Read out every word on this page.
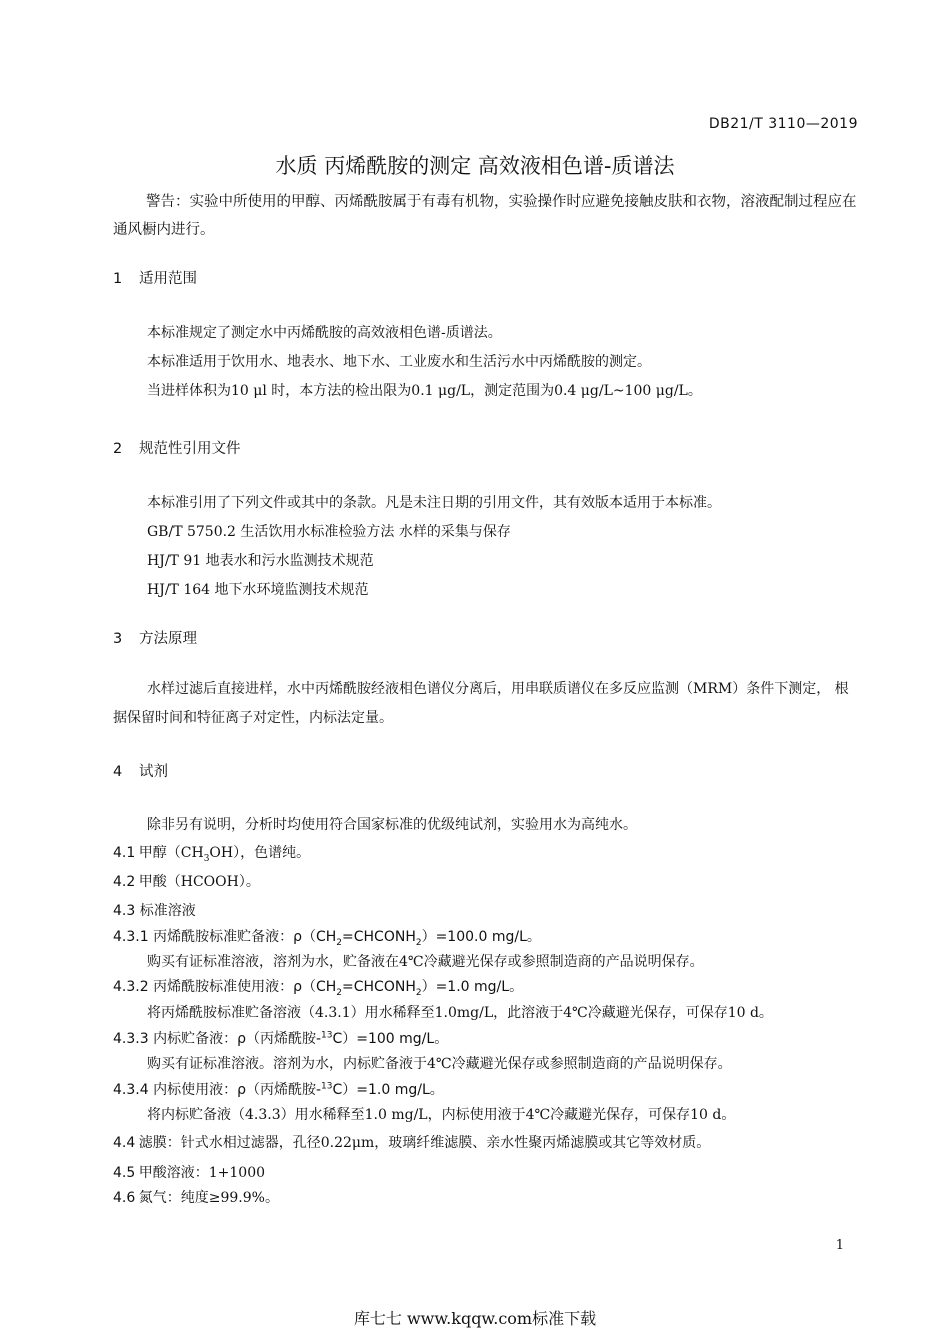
DB21/T 3110—2019
水质 丙烯酰胺的测定 高效液相色谱-质谱法
警告：实验中所使用的甲醇、丙烯酰胺属于有毒有机物，实验操作时应避免接触皮肤和衣物，溶液配制过程应在通风橱内进行。
1 适用范围
本标准规定了测定水中丙烯酰胺的高效液相色谱-质谱法。
本标准适用于饮用水、地表水、地下水、工业废水和生活污水中丙烯酰胺的测定。
当进样体积为10 μl 时，本方法的检出限为0.1 μg/L，测定范围为0.4 μg/L~100 μg/L。
2 规范性引用文件
本标准引用了下列文件或其中的条款。凡是未注日期的引用文件，其有效版本适用于本标准。
GB/T 5750.2 生活饮用水标准检验方法 水样的采集与保存
HJ/T 91 地表水和污水监测技术规范
HJ/T 164 地下水环境监测技术规范
3 方法原理
水样过滤后直接进样，水中丙烯酰胺经液相色谱仪分离后，用串联质谱仪在多反应监测（MRM）条件下测定， 根据保留时间和特征离子对定性，内标法定量。
4 试剂
除非另有说明，分析时均使用符合国家标准的优级纯试剂，实验用水为高纯水。
4.1 甲醇$(CH_3OH)$，色谱纯。
4.2 甲酸（HCOOH）。
4.3 标准溶液
4.3.1 丙烯酰胺标准贮备液：$\rho(CH_2=CHCONH_2)=100.0$ mg/L。
购买有证标准溶液，溶剂为水，贮备液在4℃冷藏避光保存或参照制造商的产品说明保存。
4.3.2 丙烯酰胺标准使用液：$\rho(CH_2=CHCONH_2)=1.0$ mg/L。
将丙烯酰胺标准贮备溶液（4.3.1）用水稀释至1.0mg/L，此溶液于4℃冷藏避光保存，可保存10 d。
4.3.3 内标贮备液：ρ（丙烯酰胺-$^{13}$C）=100 mg/L。
购买有证标准溶液。溶剂为水，内标贮备液于4℃冷藏避光保存或参照制造商的产品说明保存。
4.3.4 内标使用液：ρ（丙烯酰胺-$^{13}$C）=1.0 mg/L。
将内标贮备液（4.3.3）用水稀释至1.0 mg/L，内标使用液于4℃冷藏避光保存，可保存10 d。
4.4 滤膜：针式水相过滤器，孔径0.22μm，玻璃纤维滤膜、亲水性聚丙烯滤膜或其它等效材质。
4.5 甲酸溶液：1+1000
4.6 氮气：纯度≥99.9%。
1
库七七 www.kqqw.com标准下载
